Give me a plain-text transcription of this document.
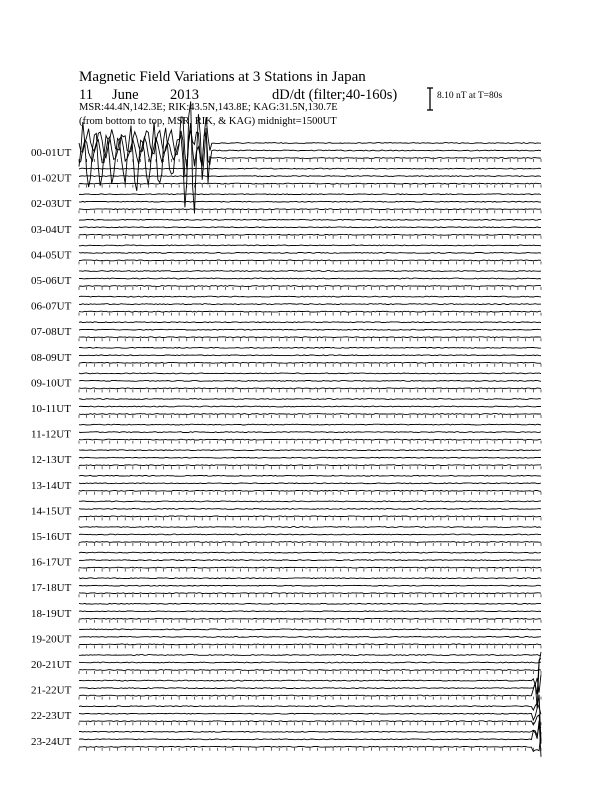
Magnetic Field Variations at 3 Stations in Japan
11 June 2013	dD/dt (filter;40-160s)
MSR:44.4N,142.3E; RIK:43.5N,143.8E; KAG:31.5N,130.7E
(from bottom to top, MSR, RIK, & KAG) midnight=1500UT
8.10 nT at T=80s
00-01UT
01-02UT
02-03UT
03-04UT
04-05UT
05-06UT
06-07UT
07-08UT
08-09UT
09-10UT
10-11UT
11-12UT
12-13UT
13-14UT
14-15UT
15-16UT
16-17UT
17-18UT
18-19UT
19-20UT
20-21UT
21-22UT
22-23UT
23-24UT
